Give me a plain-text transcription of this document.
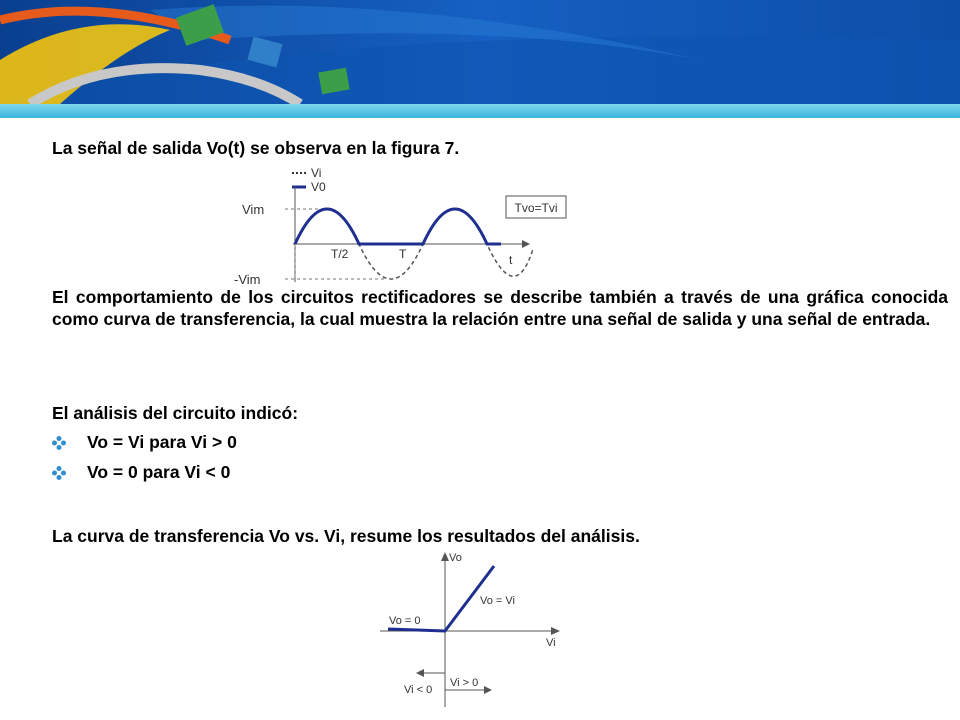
La señal de salida Vo(t) se observa en la figura 7.
Vi
V0
Vim
-Vim
T/2	T	t
Tvo=Tvi
El comportamiento de los circuitos rectificadores se describe también a través de una gráfica conocida como curva de transferencia, la cual muestra la relación entre una señal de salida y una señal de entrada.
El análisis del circuito indicó:
Vo = Vi para Vi > 0
Vo = 0 para Vi < 0
La curva de transferencia Vo vs. Vi, resume los resultados del análisis.
Vo
Vi
Vo = Vi
Vo = 0
Vi > 0
Vi < 0
